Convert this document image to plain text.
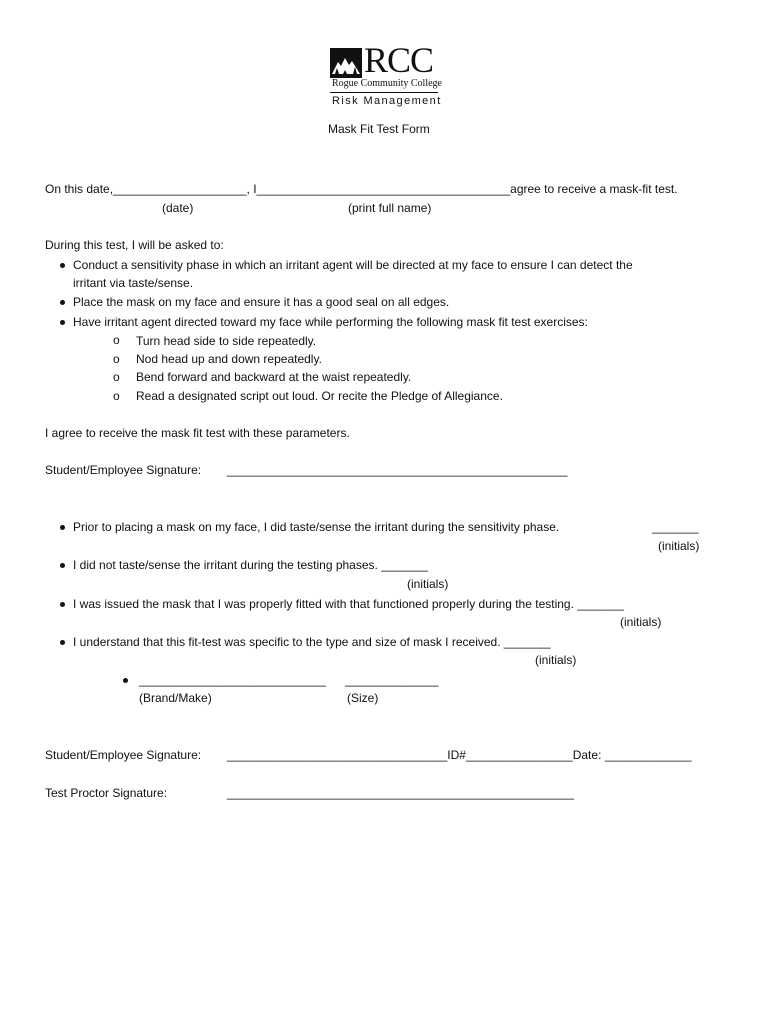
RCC
Rogue Community College
Risk Management
Mask Fit Test Form
On this date,____________________, I______________________________________agree to receive a mask-fit test.
(date)	(print full name)
During this test, I will be asked to:
Conduct a sensitivity phase in which an irritant agent will be directed at my face to ensure I can detect the
irritant via taste/sense.
Place the mask on my face and ensure it has a good seal on all edges.
Have irritant agent directed toward my face while performing the following mask fit test exercises:
o Turn head side to side repeatedly.
o Nod head up and down repeatedly.
o Bend forward and backward at the waist repeatedly.
o Read a designated script out loud. Or recite the Pledge of Allegiance.
I agree to receive the mask fit test with these parameters.
Student/Employee Signature: ___________________________________________________
Prior to placing a mask on my face, I did taste/sense the irritant during the sensitivity phase.	_______
(initials)
I did not taste/sense the irritant during the testing phases. _______
(initials)
I was issued the mask that I was properly fitted with that functioned properly during the testing. _______
(initials)
I understand that this fit-test was specific to the type and size of mask I received. _______
(initials)
____________________________ ______________
(Brand/Make)	(Size)
Student/Employee Signature: _________________________________ID#________________Date: _____________
Test Proctor Signature:	____________________________________________________
